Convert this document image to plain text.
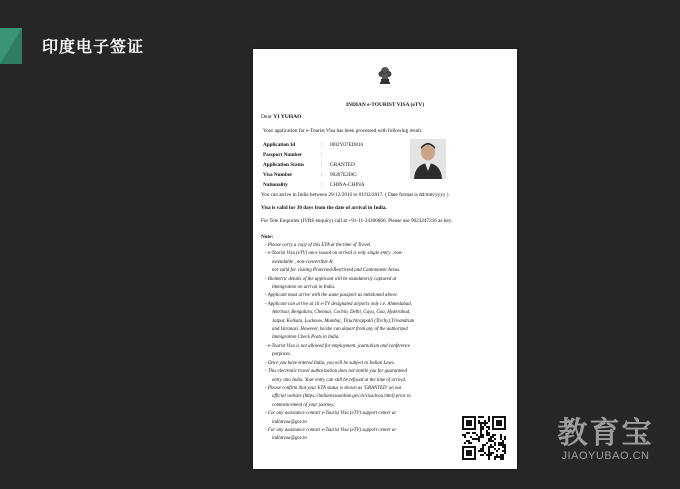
印度电子签证
INDIAN e-TOURIST VISA (eTV)
Dear YI YUHAO
Your application for e-Tourist Visa has been processed with following result.
Application Id	:	I002Y07ED816
Passport Number	:
Application Status	:	GRANTED
Visa Number	:	90207E2I8G
Nationality	:	CHINA-CHINA
You can arrive in India between 29/12/2016 to 01/02/2017. ( Date format is dd/mm/yyyy )
Visa is valid for 30 days from the date of arrival in India.
For Tele Enquiries (IVRS enquiry) call at +91-11-24300666. Please use 9023247216 as key.
Note:
- Please carry a copy of this ETA at the time of Travel.
- e-Tourist Visa (eTV) once issued on arrival is only single entry , non-
extendable , non-convertible &
not valid for visiting Protected/Restricted and Cantonment Areas.
- Biometric details of the applicant will be mandatorily captured at
Immigration on arrival in India.
- Applicant must arrive with the same passport as mentioned above.
- Applicant can arrive at 16 e-TV designated airports only i.e. Ahmedabad,
Amritsar, Bengaluru, Chennai, Cochin, Delhi, Gaya, Goa, Hyderabad,
Jaipur, Kolkata, Lucknow, Mumbai, Tiruchirappalli (Trichy),Trivandrum
and Varanasi. However, he/she can depart from any of the authorized
Immigration Check Posts in India.
- e-Tourist Visa is not allowed for employment, journalism and conference
purposes.
- Once you have entered India, you will be subject to Indian Laws.
- This electronic travel authorization does not entitle you for guaranteed
entry into India. Your entry can still be refused at the time of arrival.
- Please confirm that your ETA status is shown as 'GRANTED' on our
official website (https://indianvisaonline.gov.in/visa/tvoa.html) prior to
commencement of your journey.
- For any assistance contact e-Tourist Visa (eTV) support center at
indiatvoa@gov.in
- For any assistance contact e-Tourist Visa (eTV) support center at
indiatvoa@gov.in	教育宝
JIAOYUBAO.CN
